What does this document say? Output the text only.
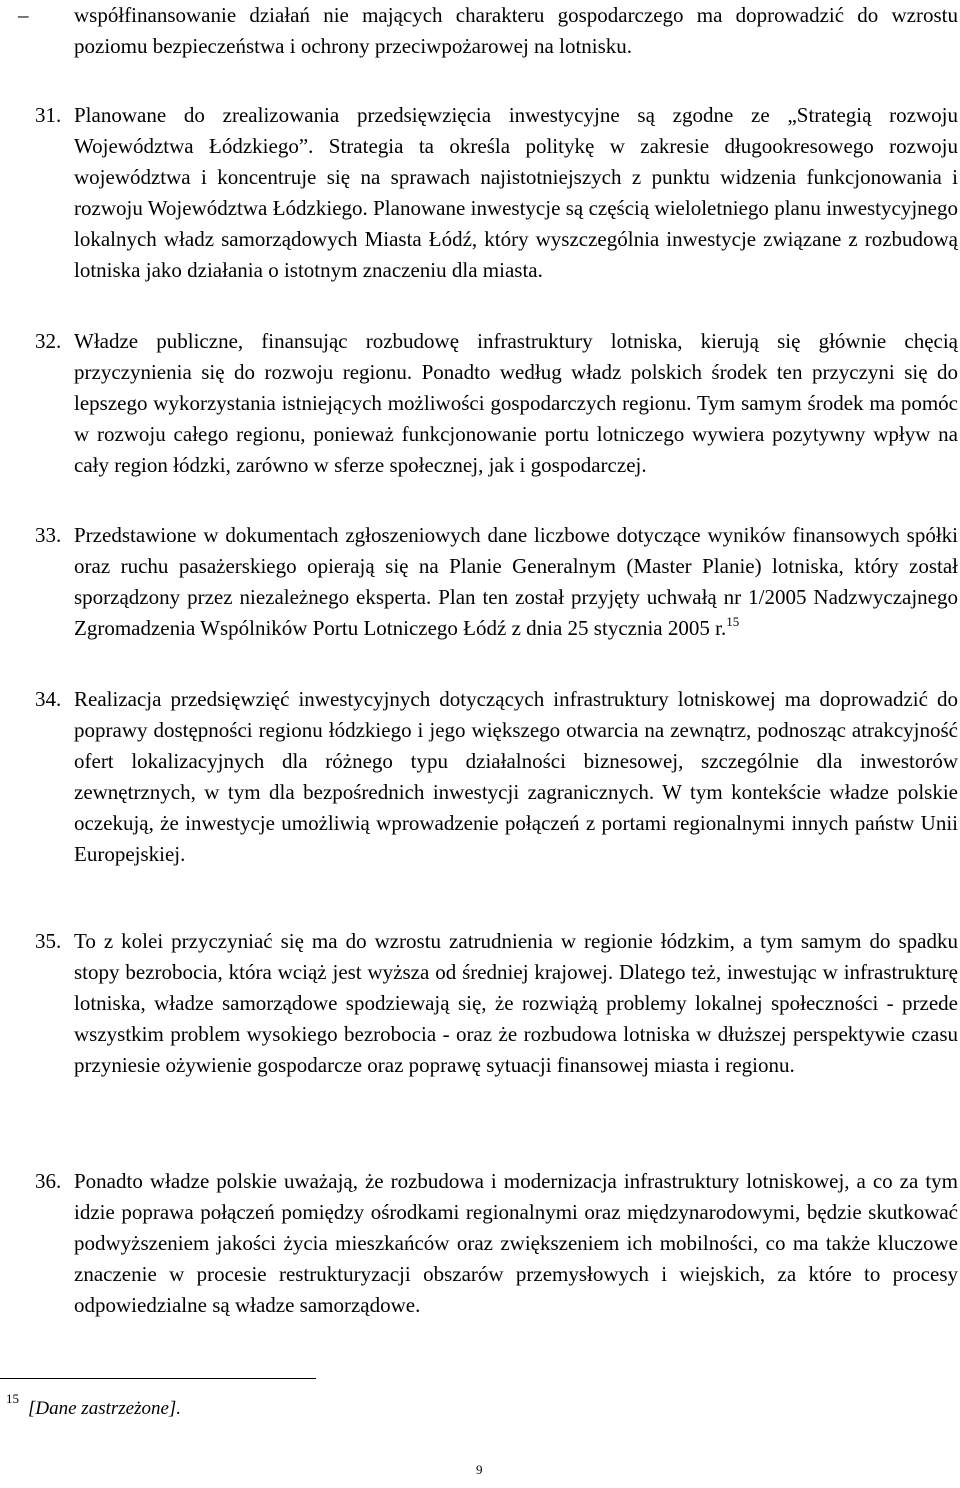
– współfinansowanie działań nie mających charakteru gospodarczego ma doprowadzić do wzrostu poziomu bezpieczeństwa i ochrony przeciwpożarowej na lotnisku.

31. Planowane do zrealizowania przedsięwzięcia inwestycyjne są zgodne ze „Strategią rozwoju Województwa Łódzkiego”. Strategia ta określa politykę w zakresie długookresowego rozwoju województwa i koncentruje się na sprawach najistotniejszych z punktu widzenia funkcjonowania i rozwoju Województwa Łódzkiego. Planowane inwestycje są częścią wieloletniego planu inwestycyjnego lokalnych władz samorządowych Miasta Łódź, który wyszczególnia inwestycje związane z rozbudową lotniska jako działania o istotnym znaczeniu dla miasta.

32. Władze publiczne, finansując rozbudowę infrastruktury lotniska, kierują się głównie chęcią przyczynienia się do rozwoju regionu. Ponadto według władz polskich środek ten przyczyni się do lepszego wykorzystania istniejących możliwości gospodarczych regionu. Tym samym środek ma pomóc w rozwoju całego regionu, ponieważ funkcjonowanie portu lotniczego wywiera pozytywny wpływ na cały region łódzki, zarówno w sferze społecznej, jak i gospodarczej.

33. Przedstawione w dokumentach zgłoszeniowych dane liczbowe dotyczące wyników finansowych spółki oraz ruchu pasażerskiego opierają się na Planie Generalnym (Master Planie) lotniska, który został sporządzony przez niezależnego eksperta. Plan ten został przyjęty uchwałą nr 1/2005 Nadzwyczajnego Zgromadzenia Wspólników Portu Lotniczego Łódź z dnia 25 stycznia 2005 r.$^{15}$

34. Realizacja przedsięwzięć inwestycyjnych dotyczących infrastruktury lotniskowej ma doprowadzić do poprawy dostępności regionu łódzkiego i jego większego otwarcia na zewnątrz, podnosząc atrakcyjność ofert lokalizacyjnych dla różnego typu działalności biznesowej, szczególnie dla inwestorów zewnętrznych, w tym dla bezpośrednich inwestycji zagranicznych. W tym kontekście władze polskie oczekują, że inwestycje umożliwią wprowadzenie połączeń z portami regionalnymi innych państw Unii Europejskiej.

35. To z kolei przyczyniać się ma do wzrostu zatrudnienia w regionie łódzkim, a tym samym do spadku stopy bezrobocia, która wciąż jest wyższa od średniej krajowej. Dlatego też, inwestując w infrastrukturę lotniska, władze samorządowe spodziewają się, że rozwiążą problemy lokalnej społeczności - przede wszystkim problem wysokiego bezrobocia - oraz że rozbudowa lotniska w dłuższej perspektywie czasu przyniesie ożywienie gospodarcze oraz poprawę sytuacji finansowej miasta i regionu.

36. Ponadto władze polskie uważają, że rozbudowa i modernizacja infrastruktury lotniskowej, a co za tym idzie poprawa połączeń pomiędzy ośrodkami regionalnymi oraz międzynarodowymi, będzie skutkować podwyższeniem jakości życia mieszkańców oraz zwiększeniem ich mobilności, co ma także kluczowe znaczenie w procesie restrukturyzacji obszarów przemysłowych i wiejskich, za które to procesy odpowiedzialne są władze samorządowe.

15 [Dane zastrzeżone].
9
